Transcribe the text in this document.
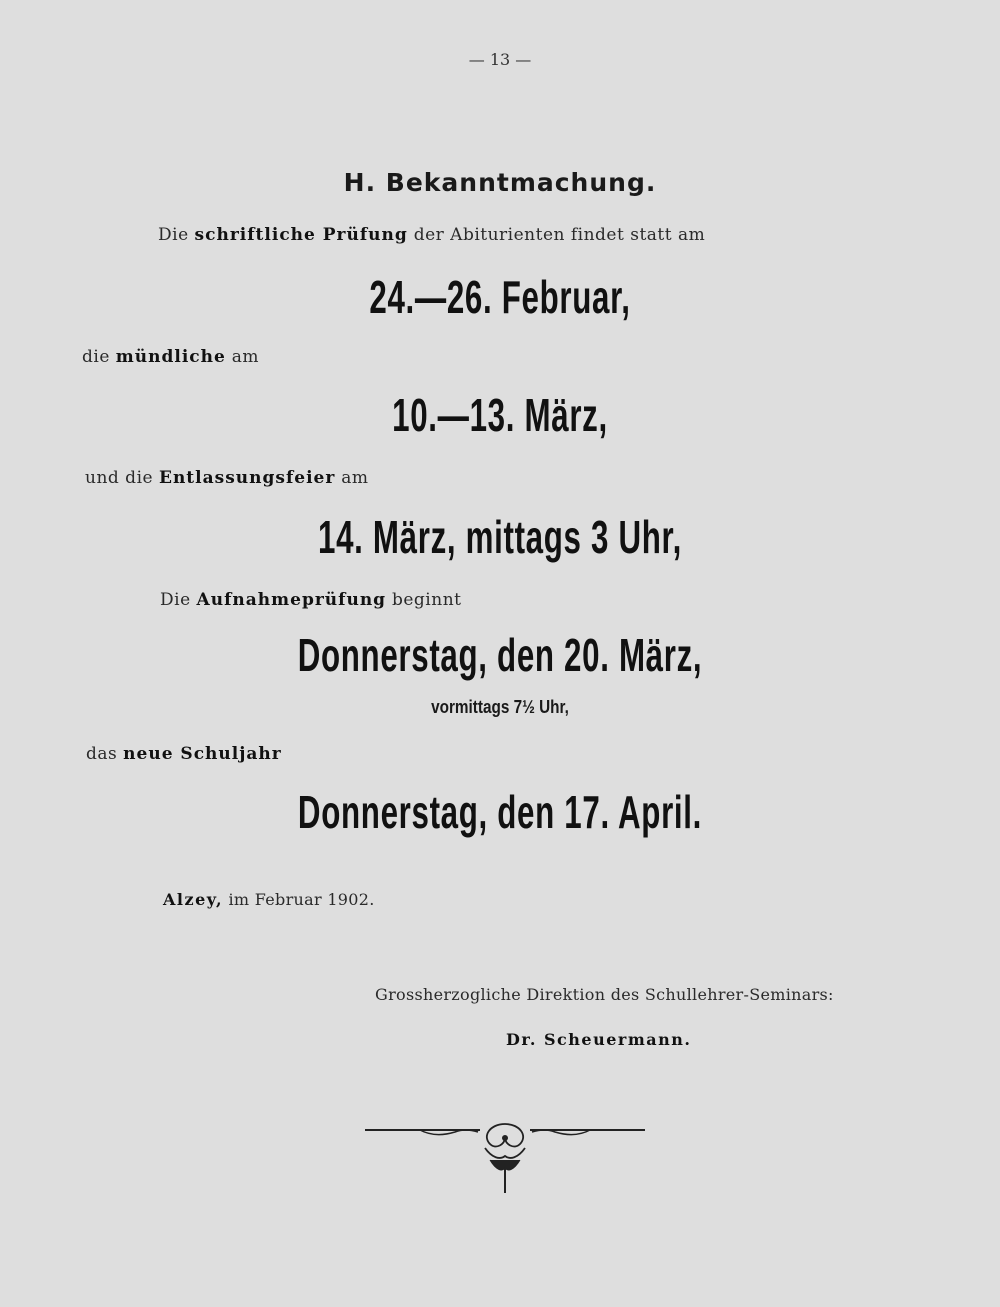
— 13 —
H. Bekanntmachung.
Die schriftliche Prüfung der Abiturienten findet statt am
24.—26. Februar,
die mündliche am
10.—13. März,
und die Entlassungsfeier am
14. März, mittags 3 Uhr,
Die Aufnahmeprüfung beginnt
Donnerstag, den 20. März,
vormittags 7½ Uhr,
das neue Schuljahr
Donnerstag, den 17. April.
Alzey, im Februar 1902.
Grossherzogliche Direktion des Schullehrer-Seminars:
Dr. Scheuermann.
